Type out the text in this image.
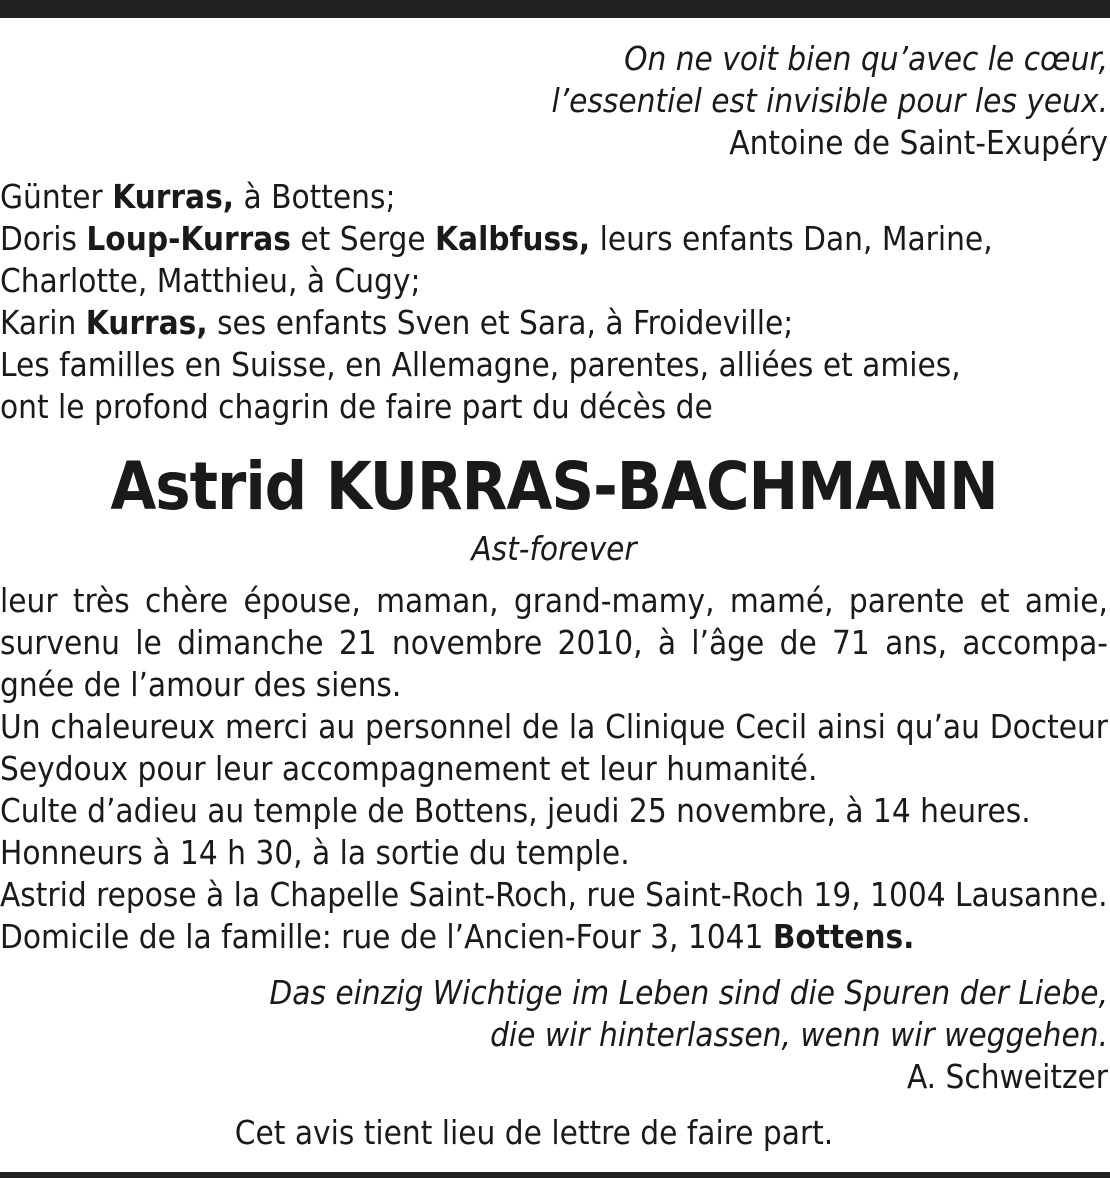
On ne voit bien qu’avec le cœur,
l’essentiel est invisible pour les yeux.
Antoine de Saint-Exupéry
Günter Kurras, à Bottens;
Doris Loup-Kurras et Serge Kalbfuss, leurs enfants Dan, Marine,
Charlotte, Matthieu, à Cugy;
Karin Kurras, ses enfants Sven et Sara, à Froideville;
Les familles en Suisse, en Allemagne, parentes, alliées et amies,
ont le profond chagrin de faire part du décès de
Astrid KURRAS-BACHMANN
Ast-forever
leur très chère épouse, maman, grand-mamy, mamé, parente et amie,
survenu le dimanche 21 novembre 2010, à l’âge de 71 ans, accompa-
gnée de l’amour des siens.
Un chaleureux merci au personnel de la Clinique Cecil ainsi qu’au Docteur
Seydoux pour leur accompagnement et leur humanité.
Culte d’adieu au temple de Bottens, jeudi 25 novembre, à 14 heures.
Honneurs à 14 h 30, à la sortie du temple.
Astrid repose à la Chapelle Saint-Roch, rue Saint-Roch 19, 1004 Lausanne.
Domicile de la famille: rue de l’Ancien-Four 3, 1041 Bottens.
Das einzig Wichtige im Leben sind die Spuren der Liebe,
die wir hinterlassen, wenn wir weggehen.
A. Schweitzer
Cet avis tient lieu de lettre de faire part.
